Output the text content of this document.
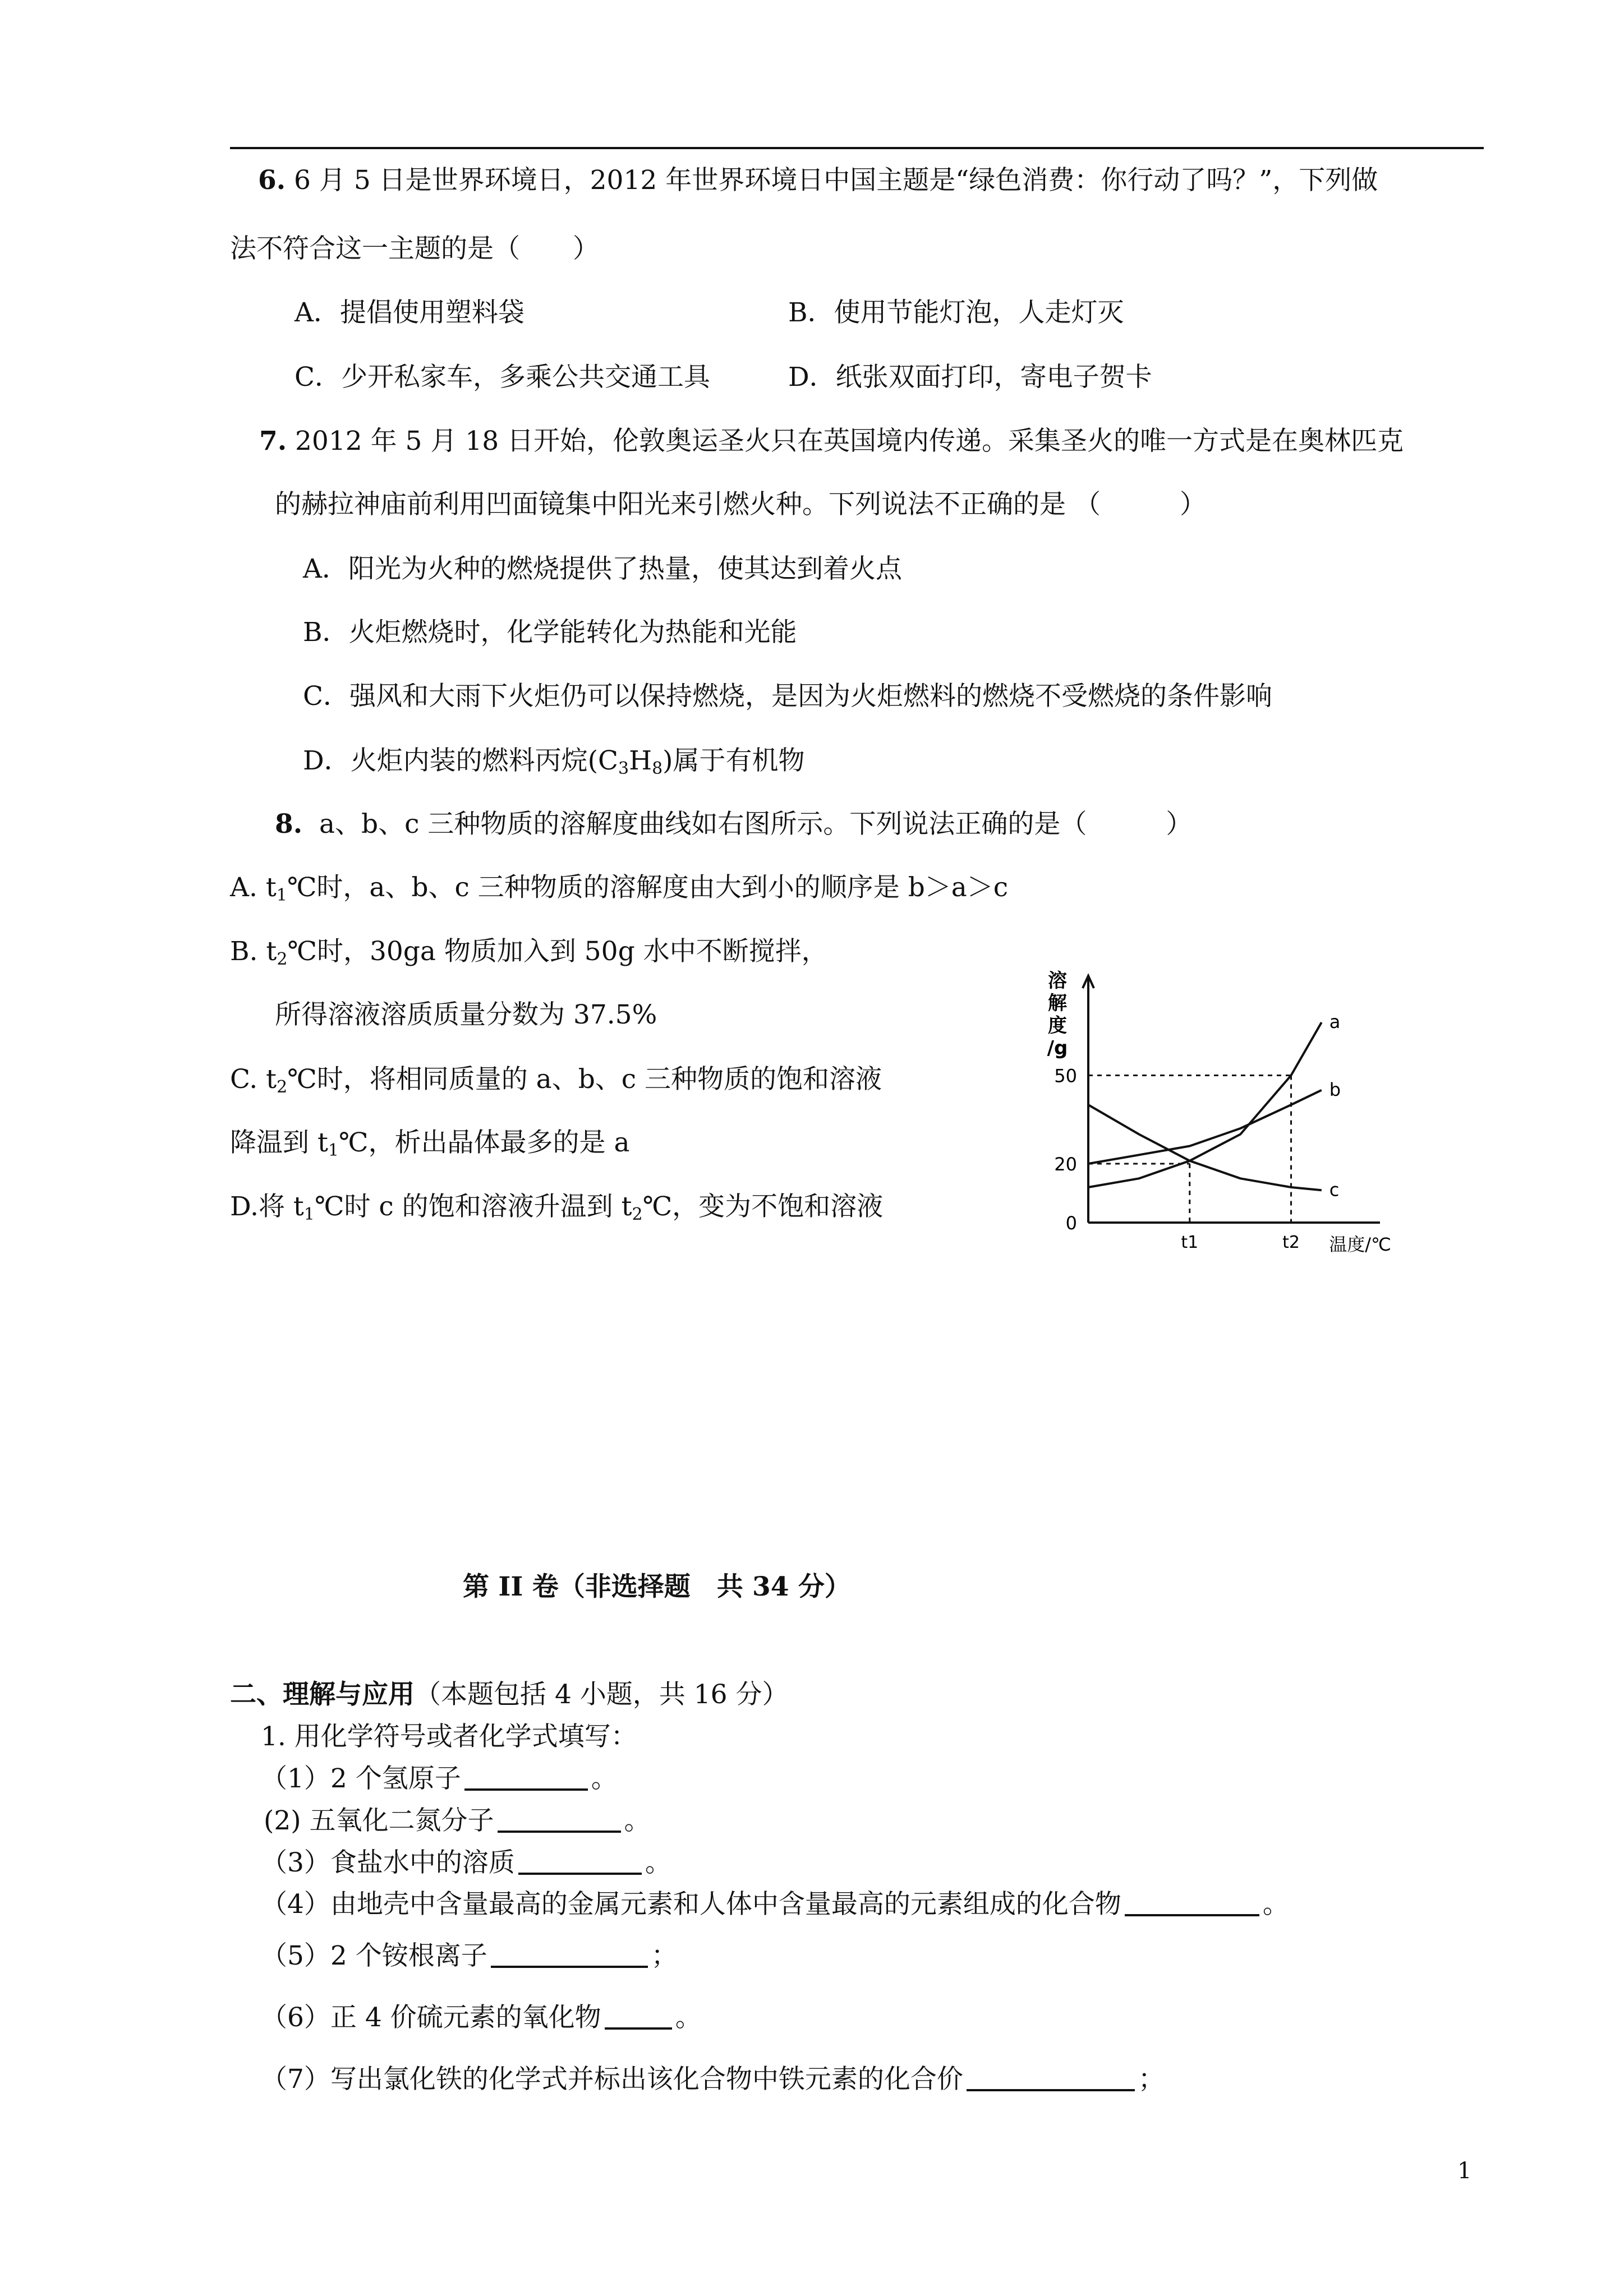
6. 6 月 5 日是世界环境日，2012 年世界环境日中国主题是“绿色消费：你行动了吗？”，下列做
法不符合这一主题的是（　　）
A．提倡使用塑料袋	B．使用节能灯泡，人走灯灭
C．少开私家车，多乘公共交通工具	D．纸张双面打印，寄电子贺卡
7. 2012 年 5 月 18 日开始，伦敦奥运圣火只在英国境内传递。采集圣火的唯一方式是在奥林匹克
的赫拉神庙前利用凹面镜集中阳光来引燃火种。下列说法不正确的是 （　　　）
A．阳光为火种的燃烧提供了热量，使其达到着火点
B．火炬燃烧时，化学能转化为热能和光能
C．强风和大雨下火炬仍可以保持燃烧，是因为火炬燃料的燃烧不受燃烧的条件影响
D．火炬内装的燃料丙烷$(C_3H_8)$属于有机物
8. a、b、c 三种物质的溶解度曲线如右图所示。下列说法正确的是（　　　）
A. $t_1℃$时，a、b、c 三种物质的溶解度由大到小的顺序是 b＞a＞c
B. $t_2℃$时，30ga 物质加入到 50g 水中不断搅拌，
所得溶液溶质质量分数为 37.5%
C. $t_2℃$时，将相同质量的 a、b、c 三种物质的饱和溶液
降温到 $t_1℃$，析出晶体最多的是 a
D.将 $t_1℃$时 c 的饱和溶液升温到 $t_2℃$，变为不饱和溶液
溶
解
度
/g
50
20
0
t1	t2 温度/℃
a
b
c
第 II 卷（非选择题　共 34 分）
二、理解与应用（本题包括 4 小题，共 16 分）
1. 用化学符号或者化学式填写：
（1）2 个氢原子	。
(2) 五氧化二氮分子	。
（3）食盐水中的溶质	。
（4）由地壳中含量最高的金属元素和人体中含量最高的元素组成的化合物	。
（5）2 个铵根离子	；
（6）正 4 价硫元素的氧化物	。
（7）写出氯化铁的化学式并标出该化合物中铁元素的化合价	；
1
